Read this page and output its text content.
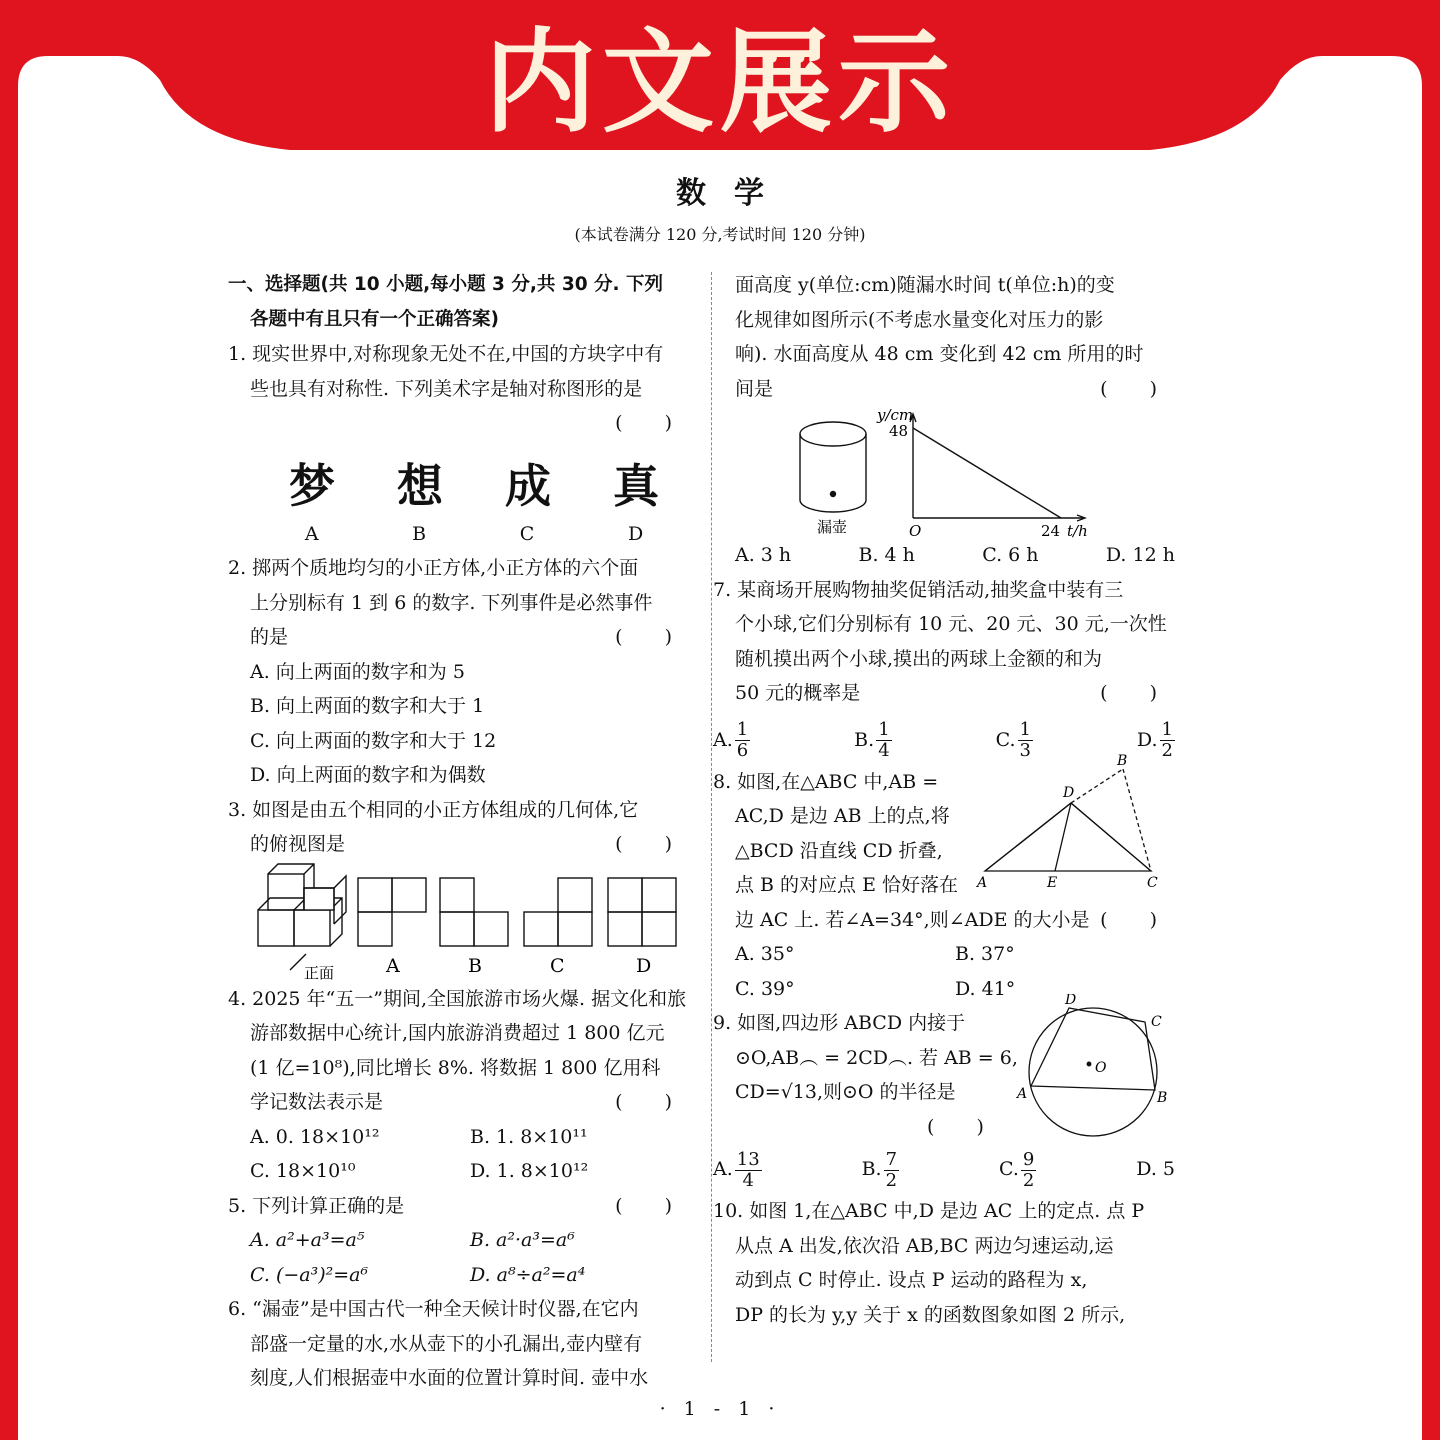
内文展示
数学
(本试卷满分 120 分,考试时间 120 分钟)

一、选择题(共 10 小题,每小题 3 分,共 30 分. 下列

各题中有且只有一个正确答案)

1. 现实世界中,对称现象无处不在,中国的方块字中有

些也具有对称性. 下列美术字是轴对称图形的是

( )

梦 想 成 真
A	B	C	D

2. 掷两个质地均匀的小正方体,小正方体的六个面

上分别标有 1 到 6 的数字. 下列事件是必然事件

的是	( )

A. 向上两面的数字和为 5

B. 向上两面的数字和大于 1

C. 向上两面的数字和大于 12

D. 向上两面的数字和为偶数

3. 如图是由五个相同的小正方体组成的几何体,它

的俯视图是	( )

正面	A	B	C	D

4. 2025 年“五一”期间,全国旅游市场火爆. 据文化和旅

游部数据中心统计,国内旅游消费超过 1 800 亿元

(1 亿=10⁸),同比增长 8%. 将数据 1 800 亿用科

学记数法表示是	( )

A. 0. 18×10¹²	B. 1. 8×10¹¹

C. 18×10¹⁰	D. 1. 8×10¹²

5. 下列计算正确的是	( )

A. a²+a³=a⁵	B. a²·a³=a⁶

C. (−a³)²=a⁶	D. a⁸÷a²=a⁴

6. “漏壶”是中国古代一种全天候计时仪器,在它内

部盛一定量的水,水从壶下的小孔漏出,壶内壁有

刻度,人们根据壶中水面的位置计算时间. 壶中水

面高度 y(单位:cm)随漏水时间 t(单位:h)的变

化规律如图所示(不考虑水量变化对压力的影

响). 水面高度从 48 cm 变化到 42 cm 所用的时

间是	( )

漏壶
y/cm
48
O	24 t/h

A. 3 h	B. 4 h	C. 6 h	D. 12 h

7. 某商场开展购物抽奖促销活动,抽奖盒中装有三

个小球,它们分别标有 10 元、20 元、30 元,一次性

随机摸出两个小球,摸出的两球上金额的和为

50 元的概率是	( )

A. $\frac{1}{6}$	B. $\frac{1}{4}$	C. $\frac{1}{3}$	D. $\frac{1}{2}$

8. 如图,在△ABC 中,AB =

AC,D 是边 AB 上的点,将

△BCD 沿直线 CD 折叠,

点 B 的对应点 E 恰好落在

边 AC 上. 若∠A=34°,则∠ADE 的大小是 ( )

A. 35°	B. 37°

C. 39°	D. 41°

A
B
C
D
E

9. 如图,四边形 ABCD 内接于

⊙O,AB︵ = 2CD︵. 若 AB = 6,

CD=√13,则⊙O 的半径是

( )

A. $\frac{13}{4}$	B. $\frac{7}{2}$	C. $\frac{9}{2}$	D. 5

A	B
C
D
O

10. 如图 1,在△ABC 中,D 是边 AC 上的定点. 点 P

从点 A 出发,依次沿 AB,BC 两边匀速运动,运

动到点 C 时停止. 设点 P 运动的路程为 x,

DP 的长为 y,y 关于 x 的函数图象如图 2 所示,

· 1 - 1 ·
